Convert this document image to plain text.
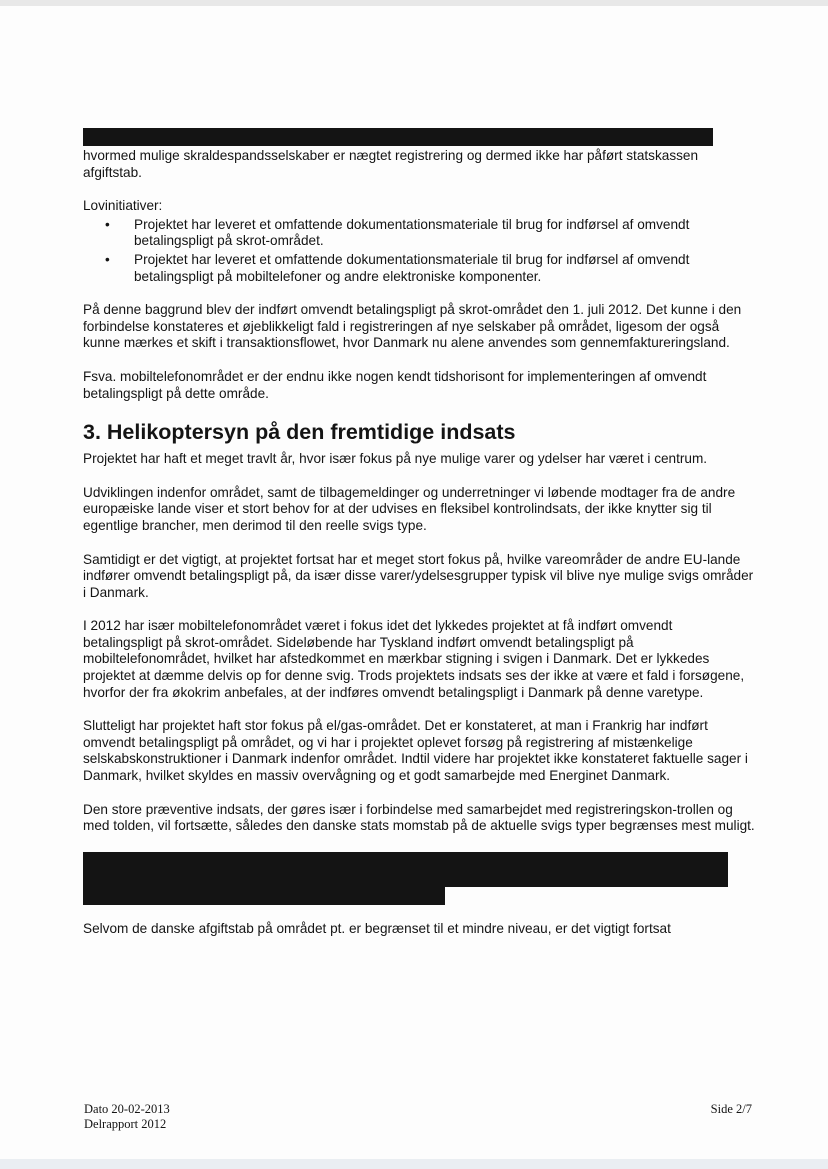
hvormed mulige skraldespandsselskaber er nægtet registrering og dermed ikke har påført statskassen afgiftstab.

Lovinitiativer:

• Projektet har leveret et omfattende dokumentationsmateriale til brug for indførsel af omvendt betalingspligt på skrot-området.
• Projektet har leveret et omfattende dokumentationsmateriale til brug for indførsel af omvendt betalingspligt på mobiltelefoner og andre elektroniske komponenter.

På denne baggrund blev der indført omvendt betalingspligt på skrot-området den 1. juli 2012. Det kunne i den forbindelse konstateres et øjeblikkeligt fald i registreringen af nye selskaber på området, ligesom der også kunne mærkes et skift i transaktionsflowet, hvor Danmark nu alene anvendes som gennemfaktureringsland.

Fsva. mobiltelefonområdet er der endnu ikke nogen kendt tidshorisont for implementeringen af omvendt betalingspligt på dette område.

3. Helikoptersyn på den fremtidige indsats

Projektet har haft et meget travlt år, hvor især fokus på nye mulige varer og ydelser har været i centrum.

Udviklingen indenfor området, samt de tilbagemeldinger og underretninger vi løbende modtager fra de andre europæiske lande viser et stort behov for at der udvises en fleksibel kontrolindsats, der ikke knytter sig til egentlige brancher, men derimod til den reelle svigs type.

Samtidigt er det vigtigt, at projektet fortsat har et meget stort fokus på, hvilke vareområder de andre EU-lande indfører omvendt betalingspligt på, da især disse varer/ydelsesgrupper typisk vil blive nye mulige svigs områder i Danmark.

I 2012 har især mobiltelefonområdet været i fokus idet det lykkedes projektet at få indført omvendt betalingspligt på skrot-området. Sideløbende har Tyskland indført omvendt betalingspligt på mobiltelefonområdet, hvilket har afstedkommet en mærkbar stigning i svigen i Danmark. Det er lykkedes projektet at dæmme delvis op for denne svig. Trods projektets indsats ses der ikke at være et fald i forsøgene, hvorfor der fra økokrim anbefales, at der indføres omvendt betalingspligt i Danmark på denne varetype.

Slutteligt har projektet haft stor fokus på el/gas-området. Det er konstateret, at man i Frankrig har indført omvendt betalingspligt på området, og vi har i projektet oplevet forsøg på registrering af mistænkelige selskabskonstruktioner i Danmark indenfor området. Indtil videre har projektet ikke konstateret faktuelle sager i Danmark, hvilket skyldes en massiv overvågning og et godt samarbejde med Energinet Danmark.

Den store præventive indsats, der gøres især i forbindelse med samarbejdet med registreringskon-trollen og med tolden, vil fortsætte, således den danske stats momstab på de aktuelle svigs typer begrænses mest muligt.

Selvom de danske afgiftstab på området pt. er begrænset til et mindre niveau, er det vigtigt fortsat

Dato 20-02-2013
Delrapport 2012
Side 2/7
